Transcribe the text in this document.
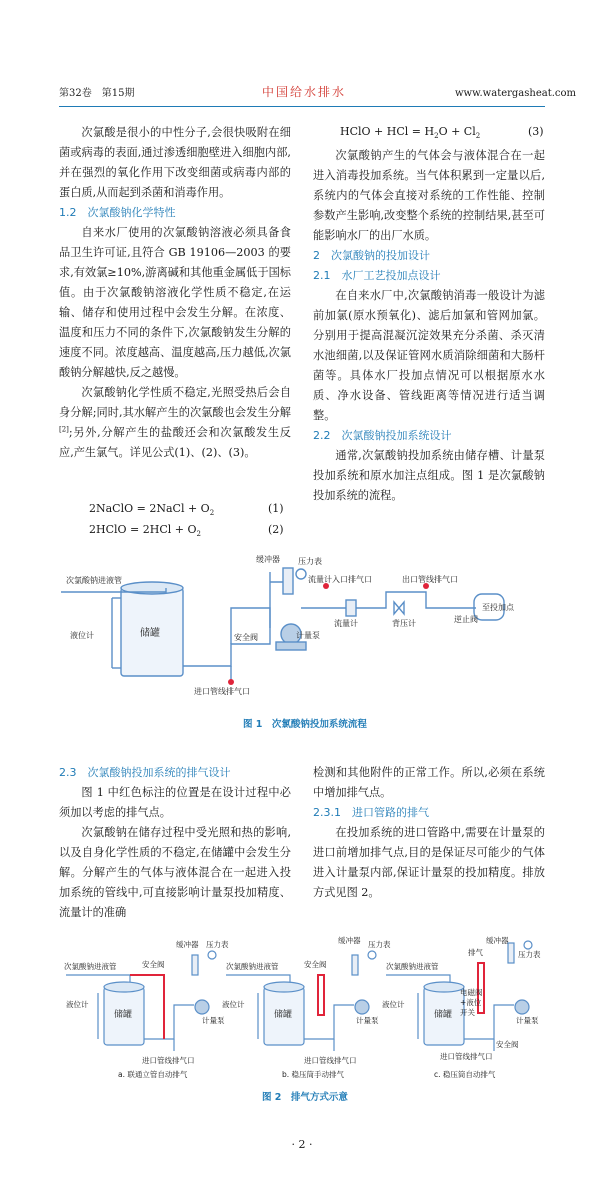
第32卷　第15期	中国给水排水	www.watergasheat.com

次氯酸是很小的中性分子,会很快吸附在细菌或病毒的表面,通过渗透细胞壁进入细胞内部,并在强烈的氧化作用下改变细菌或病毒内部的蛋白质,从而起到杀菌和消毒作用。

1.2　次氯酸钠化学特性

自来水厂使用的次氯酸钠溶液必须具备食品卫生许可证,且符合 GB 19106—2003 的要求,有效氯≥10%,游离碱和其他重金属低于国标值。由于次氯酸钠溶液化学性质不稳定,在运输、储存和使用过程中会发生分解。在浓度、温度和压力不同的条件下,次氯酸钠发生分解的速度不同。浓度越高、温度越高,压力越低,次氯酸钠分解越快,反之越慢。

次氯酸钠化学性质不稳定,光照受热后会自身分解;同时,其水解产生的次氯酸也会发生分解[2];另外,分解产生的盐酸还会和次氯酸发生反应,产生氯气。详见公式(1)、(2)、(3)。

2NaClO = 2NaCl + $O_2$	(1)
2HClO = $2HCl + O_2$	(2)
HClO + HCl = $H_2O + Cl_2$	(3)

次氯酸钠产生的气体会与液体混合在一起进入消毒投加系统。当气体积累到一定量以后,系统内的气体会直接对系统的工作性能、控制参数产生影响,改变整个系统的控制结果,甚至可能影响水厂的出厂水质。

2　次氯酸钠的投加设计
2.1　水厂工艺投加点设计

在自来水厂中,次氯酸钠消毒一般设计为滤前加氯(原水预氧化)、滤后加氯和管网加氯。分别用于提高混凝沉淀效果充分杀菌、杀灭清水池细菌,以及保证管网水质消除细菌和大肠杆菌等。具体水厂投加点情况可以根据原水水质、净水设备、管线距离等情况进行适当调整。

2.2　次氯酸钠投加系统设计

通常,次氯酸钠投加系统由储存槽、计量泵投加系统和原水加注点组成。图 1 是次氯酸钠投加系统的流程。

次氯酸钠进液管
液位计	储罐	安全阀
缓冲器 压力表
计量泵
流量计入口排气口	出口管线排气口
流量计	背压计	逆止阀
至投加点
进口管线排气口
图 1　次氯酸钠投加系统流程
2.3　次氯酸钠投加系统的排气设计

图 1 中红色标注的位置是在设计过程中必须加以考虑的排气点。

次氯酸钠在储存过程中受光照和热的影响,以及自身化学性质的不稳定,在储罐中会发生分解。分解产生的气体与液体混合在一起进入投加系统的管线中,可直接影响计量泵投加精度、流量计的准确

检测和其他附件的正常工作。所以,必须在系统中增加排气点。

2.3.1　进口管路的排气

在投加系统的进口管路中,需要在计量泵的进口前增加排气点,目的是保证尽可能少的气体进入计量泵内部,保证计量泵的投加精度。排放方式见图 2。

缓冲器 压力表
次氯酸钠进液管	安全阀
液位计
储罐
计量泵
进口管线排气口
a. 联通立管自动排气
缓冲器 压力表
次氯酸钠进液管	安全阀
液位计
储罐
计量泵
进口管线排气口
b. 稳压筒手动排气
缓冲器
压力表
次氯酸钠进液管
排气
电磁阀
+液位
开关
液位计
储罐
计量泵
安全阀
进口管线排气口
c. 稳压筒自动排气
图 2　排气方式示意
· 2 ·
